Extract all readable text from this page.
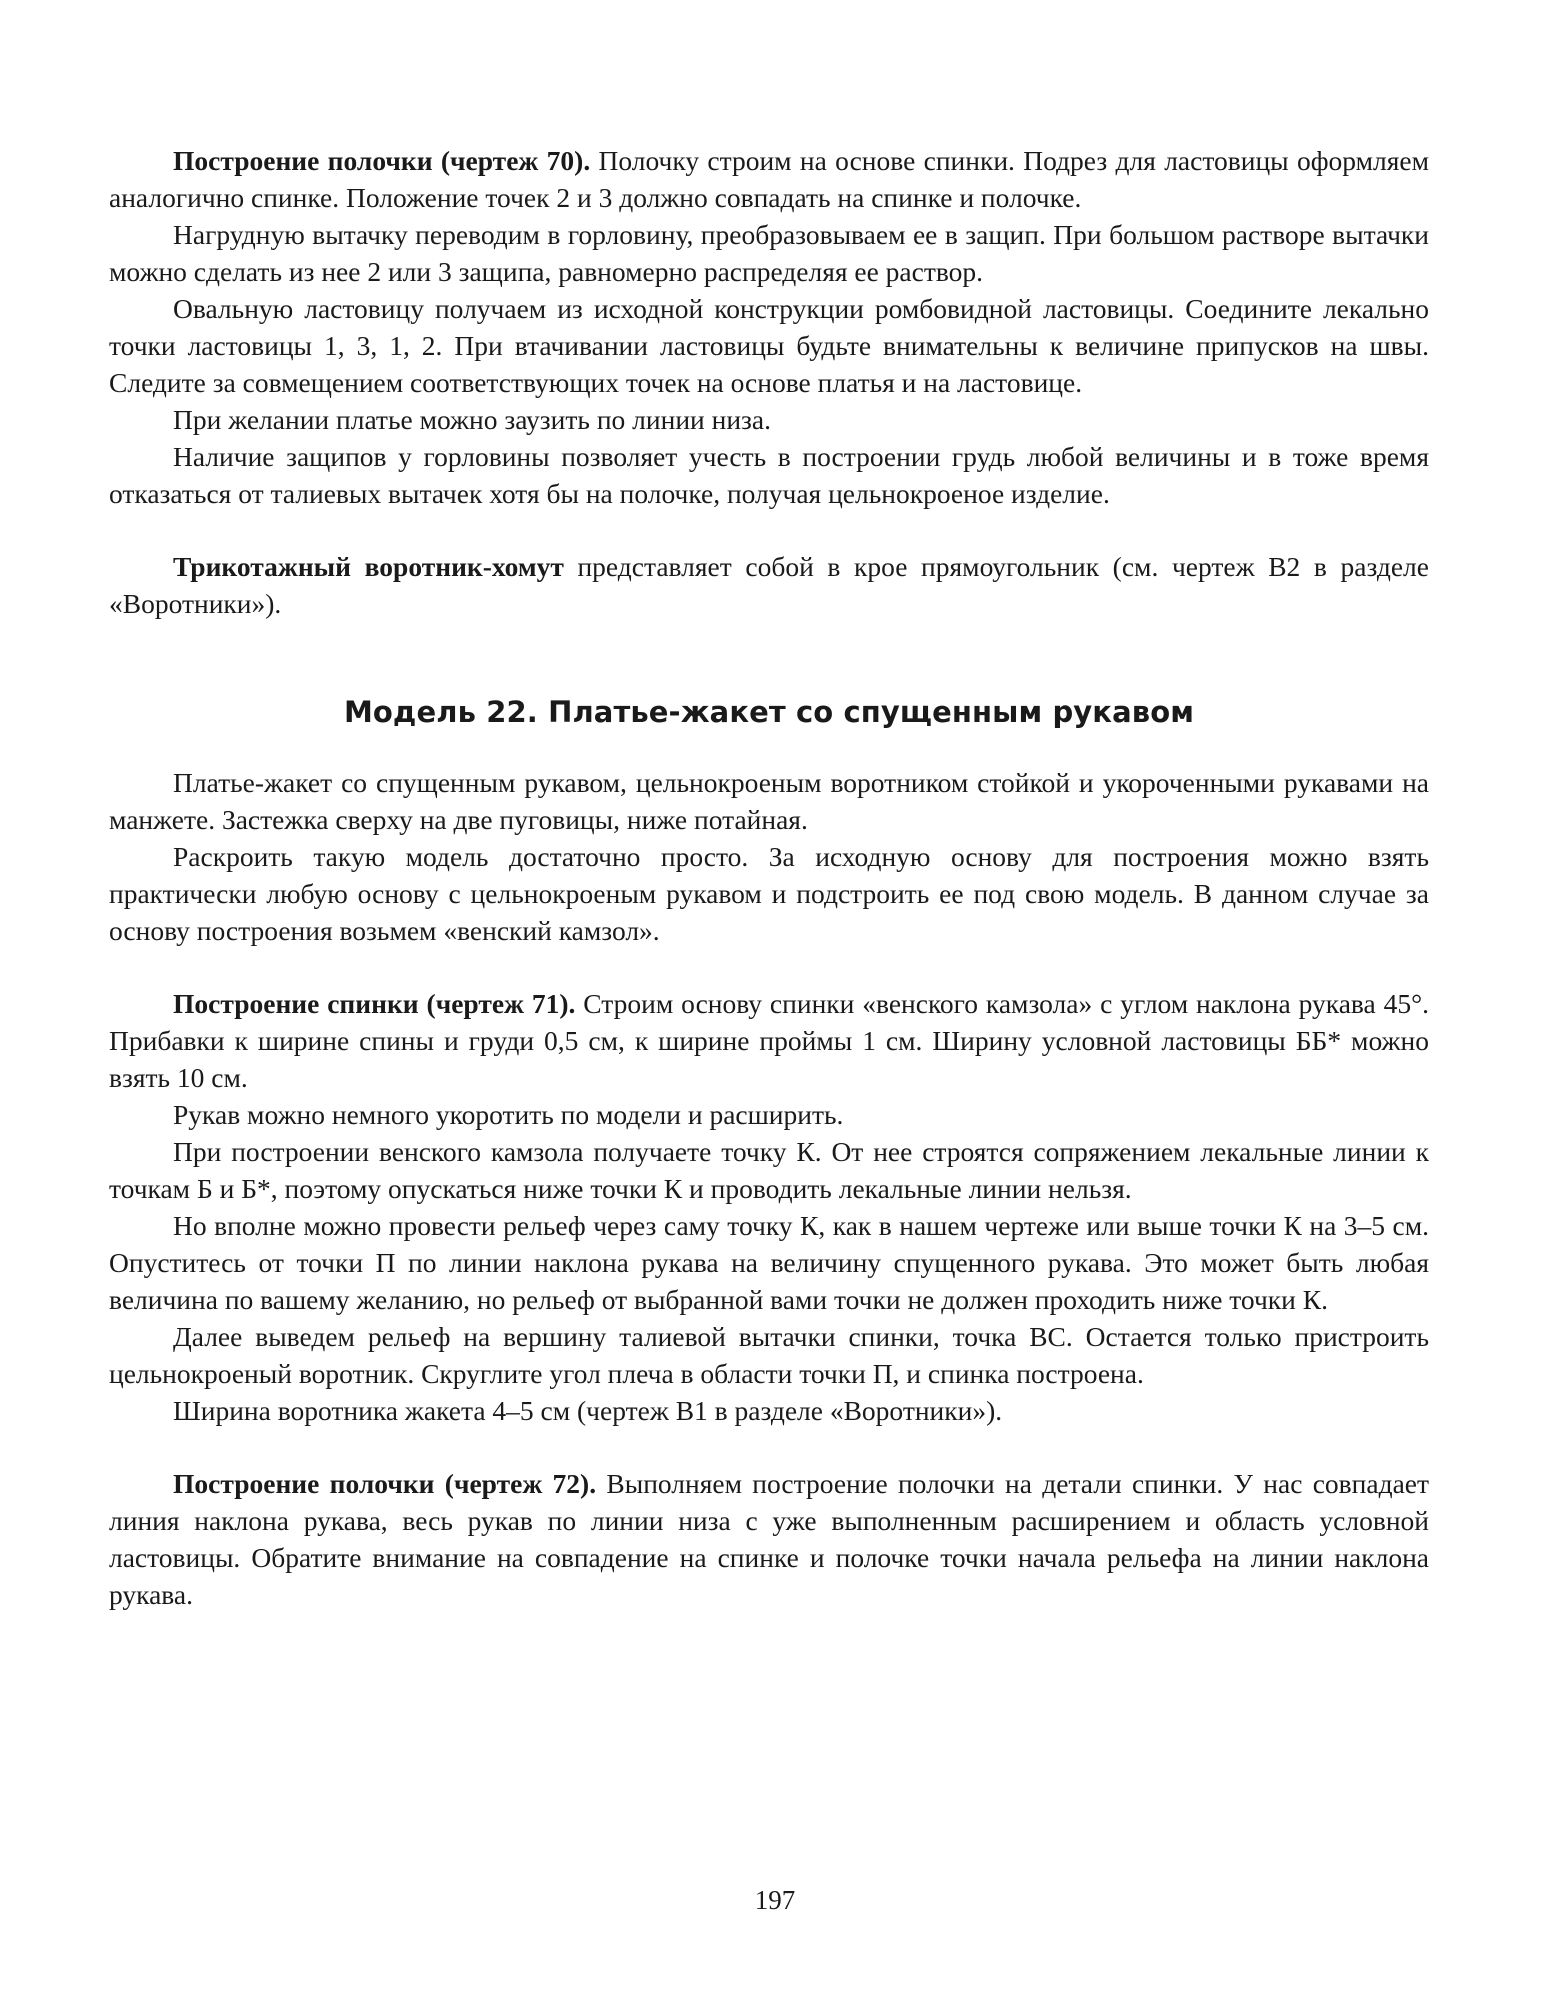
Построение полочки (чертеж 70). Полочку строим на основе спинки. Подрез для ластовицы оформляем аналогично спинке. Положение точек 2 и 3 должно совпадать на спинке и полочке.

Нагрудную вытачку переводим в горловину, преобразовываем ее в защип. При большом растворе вытачки можно сделать из нее 2 или 3 защипа, равномерно распределяя ее раствор.

Овальную ластовицу получаем из исходной конструкции ромбовидной ластовицы. Соедините лекально точки ластовицы 1, 3, 1, 2. При втачивании ластовицы будьте внимательны к величине припусков на швы. Следите за совмещением соответствующих точек на основе платья и на ластовице.

При желании платье можно заузить по линии низа.

Наличие защипов у горловины позволяет учесть в построении грудь любой величины и в тоже время отказаться от талиевых вытачек хотя бы на полочке, получая цельнокроеное изделие.

Трикотажный воротник-хомут представляет собой в крое прямоугольник (см. чертеж В2 в разделе «Воротники»).

Модель 22. Платье-жакет со спущенным рукавом

Платье-жакет со спущенным рукавом, цельнокроеным воротником стойкой и укороченными рукавами на манжете. Застежка сверху на две пуговицы, ниже потайная.

Раскроить такую модель достаточно просто. За исходную основу для построения можно взять практически любую основу с цельнокроеным рукавом и подстроить ее под свою модель. В данном случае за основу построения возьмем «венский камзол».

Построение спинки (чертеж 71). Строим основу спинки «венского камзола» с углом наклона рукава 45°. Прибавки к ширине спины и груди 0,5 см, к ширине проймы 1 см. Ширину условной ластовицы ББ* можно взять 10 см.

Рукав можно немного укоротить по модели и расширить.

При построении венского камзола получаете точку К. От нее строятся сопряжением лекальные линии к точкам Б и Б*, поэтому опускаться ниже точки К и проводить лекальные линии нельзя.

Но вполне можно провести рельеф через саму точку К, как в нашем чертеже или выше точки К на 3–5 см. Опуститесь от точки П по линии наклона рукава на величину спущенного рукава. Это может быть любая величина по вашему желанию, но рельеф от выбранной вами точки не должен проходить ниже точки К.

Далее выведем рельеф на вершину талиевой вытачки спинки, точка ВС. Остается только пристроить цельнокроеный воротник. Скруглите угол плеча в области точки П, и спинка построена.

Ширина воротника жакета 4–5 см (чертеж В1 в разделе «Воротники»).

Построение полочки (чертеж 72). Выполняем построение полочки на детали спинки. У нас совпадает линия наклона рукава, весь рукав по линии низа с уже выполненным расширением и область условной ластовицы. Обратите внимание на совпадение на спинке и полочке точки начала рельефа на линии наклона рукава.

197
